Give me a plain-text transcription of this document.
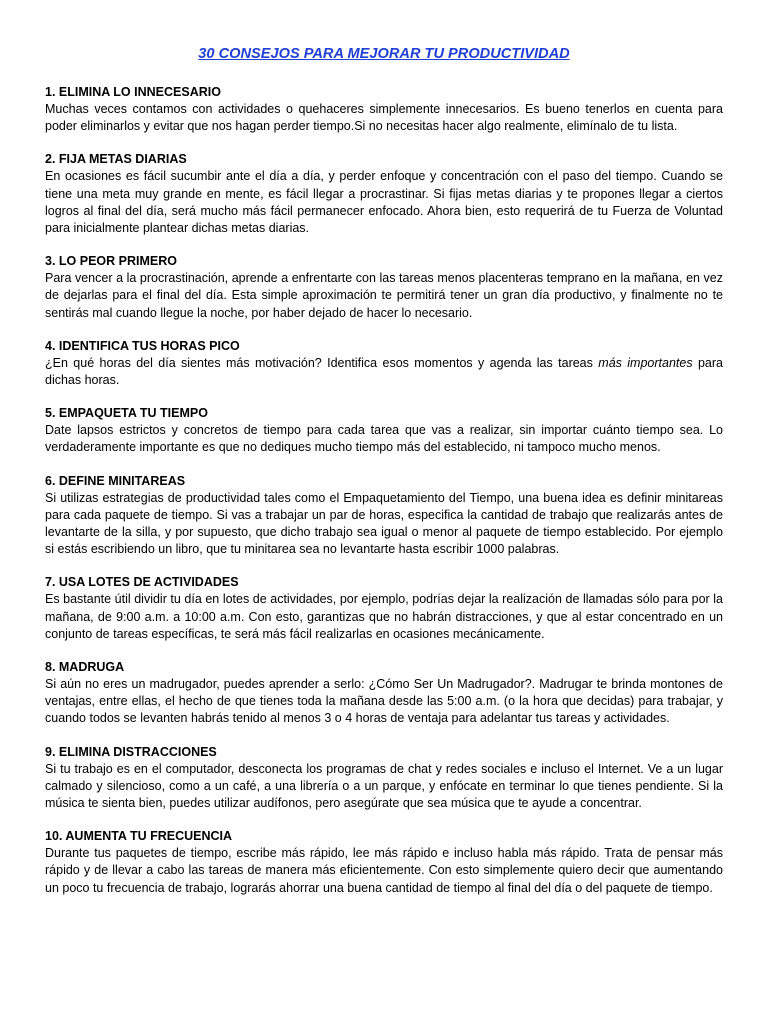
30 CONSEJOS PARA MEJORAR TU PRODUCTIVIDAD
1. ELIMINA LO INNECESARIO
Muchas veces contamos con actividades o quehaceres simplemente innecesarios. Es bueno tenerlos en cuenta para poder eliminarlos y evitar que nos hagan perder tiempo.Si no necesitas hacer algo realmente, elimínalo de tu lista.
2. FIJA METAS DIARIAS
En ocasiones es fácil sucumbir ante el día a día, y perder enfoque y concentración con el paso del tiempo. Cuando se tiene una meta muy grande en mente, es fácil llegar a procrastinar. Si fijas metas diarias y te propones llegar a ciertos logros al final del día, será mucho más fácil permanecer enfocado. Ahora bien, esto requerirá de tu Fuerza de Voluntad para inicialmente plantear dichas metas diarias.
3. LO PEOR PRIMERO
Para vencer a la procrastinación, aprende a enfrentarte con las tareas menos placenteras temprano en la mañana, en vez de dejarlas para el final del día. Esta simple aproximación te permitirá tener un gran día productivo, y finalmente no te sentirás mal cuando llegue la noche, por haber dejado de hacer lo necesario.
4. IDENTIFICA TUS HORAS PICO
¿En qué horas del día sientes más motivación? Identifica esos momentos y agenda las tareas más importantes para dichas horas.
5. EMPAQUETA TU TIEMPO
Date lapsos estrictos y concretos de tiempo para cada tarea que vas a realizar, sin importar cuánto tiempo sea. Lo verdaderamente importante es que no dediques mucho tiempo más del establecido, ni tampoco mucho menos.
6. DEFINE MINITAREAS
Si utilizas estrategias de productividad tales como el Empaquetamiento del Tiempo, una buena idea es definir minitareas para cada paquete de tiempo. Si vas a trabajar un par de horas, especifica la cantidad de trabajo que realizarás antes de levantarte de la silla, y por supuesto, que dicho trabajo sea igual o menor al paquete de tiempo establecido. Por ejemplo si estás escribiendo un libro, que tu minitarea sea no levantarte hasta escribir 1000 palabras.
7. USA LOTES DE ACTIVIDADES
Es bastante útil dividir tu día en lotes de actividades, por ejemplo, podrías dejar la realización de llamadas sólo para por la mañana, de 9:00 a.m. a 10:00 a.m. Con esto, garantizas que no habrán distracciones, y que al estar concentrado en un conjunto de tareas específicas, te será más fácil realizarlas en ocasiones mecánicamente.
8. MADRUGA
Si aún no eres un madrugador, puedes aprender a serlo: ¿Cómo Ser Un Madrugador?. Madrugar te brinda montones de ventajas, entre ellas, el hecho de que tienes toda la mañana desde las 5:00 a.m. (o la hora que decidas) para trabajar, y cuando todos se levanten habrás tenido al menos 3 o 4 horas de ventaja para adelantar tus tareas y actividades.
9. ELIMINA DISTRACCIONES
Si tu trabajo es en el computador, desconecta los programas de chat y redes sociales e incluso el Internet. Ve a un lugar calmado y silencioso, como a un café, a una librería o a un parque, y enfócate en terminar lo que tienes pendiente. Si la música te sienta bien, puedes utilizar audífonos, pero asegúrate que sea música que te ayude a concentrar.
10. AUMENTA TU FRECUENCIA
Durante tus paquetes de tiempo, escribe más rápido, lee más rápido e incluso habla más rápido. Trata de pensar más rápido y de llevar a cabo las tareas de manera más eficientemente. Con esto simplemente quiero decir que aumentando un poco tu frecuencia de trabajo, lograrás ahorrar una buena cantidad de tiempo al final del día o del paquete de tiempo.
